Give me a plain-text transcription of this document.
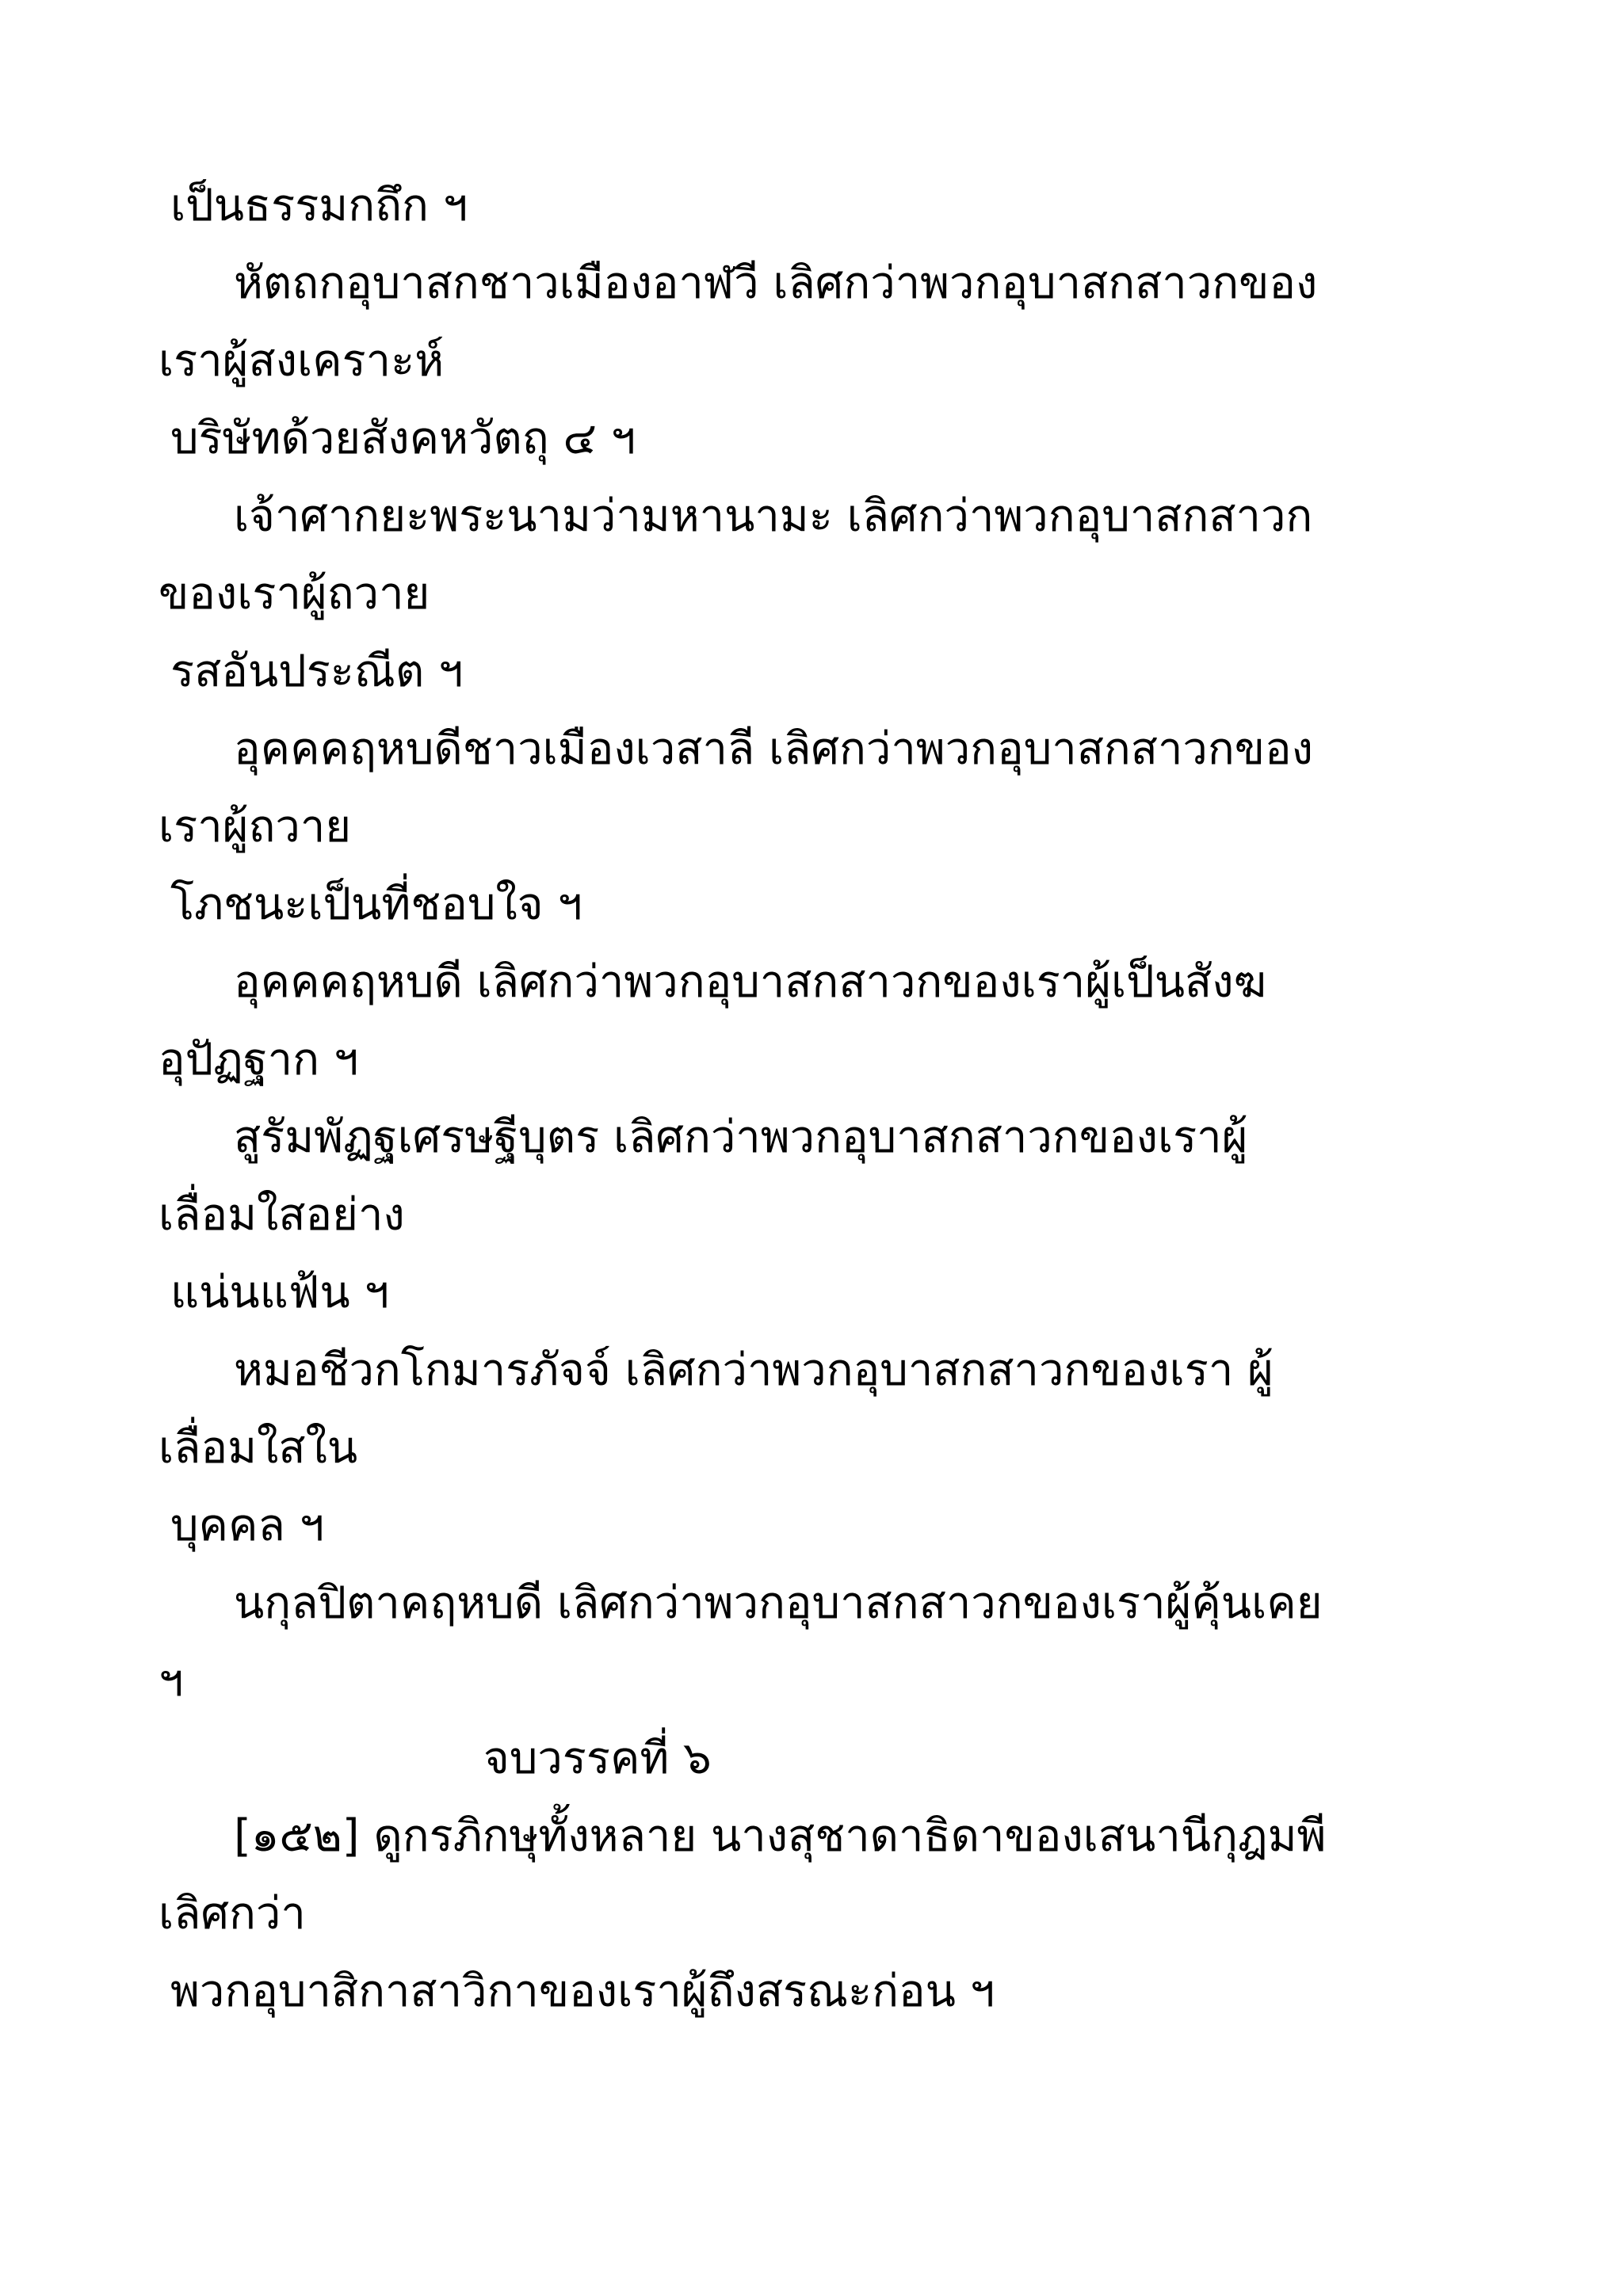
เป็นธรรมกถึก ฯ
หัตถกอุบาสกชาวเมืองอาฬวี เลิศกว่าพวกอุบาสกสาวกของ
เราผู้สงเคราะห์
บริษัทด้วยสังคหวัตถุ ๔ ฯ
เจ้าศากยะพระนามว่ามหานามะ เลิศกว่าพวกอุบาสกสาวก
ของเราผู้ถวาย
รสอันประณีต ฯ
อุคคคฤหบดีชาวเมืองเวสาลี เลิศกว่าพวกอุบาสกสาวกของ
เราผู้ถวาย
โภชนะเป็นที่ชอบใจ ฯ
อุคคคฤหบดี เลิศกว่าพวกอุบาสกสาวกของเราผู้เป็นสังฆ
อุปัฏฐาก ฯ
สูรัมพัฏฐเศรษฐีบุตร เลิศกว่าพวกอุบาสกสาวกของเราผู้
เลื่อมใสอย่าง
แน่นแฟ้น ฯ
หมอชีวกโกมารภัจจ์ เลิศกว่าพวกอุบาสกสาวกของเรา ผู้
เลื่อมใสใน
บุคคล ฯ
นกุลปิตาคฤหบดี เลิศกว่าพวกอุบาสกสาวกของเราผู้คุ้นเคย
ฯ
จบวรรคที่ ๖
[๑๕๒] ดูกรภิกษุทั้งหลาย นางสุชาดาธิดาของเสนานีกุฎมพี
เลิศกว่า
พวกอุบาสิกาสาวิกาของเราผู้ถึงสรณะก่อน ฯ
